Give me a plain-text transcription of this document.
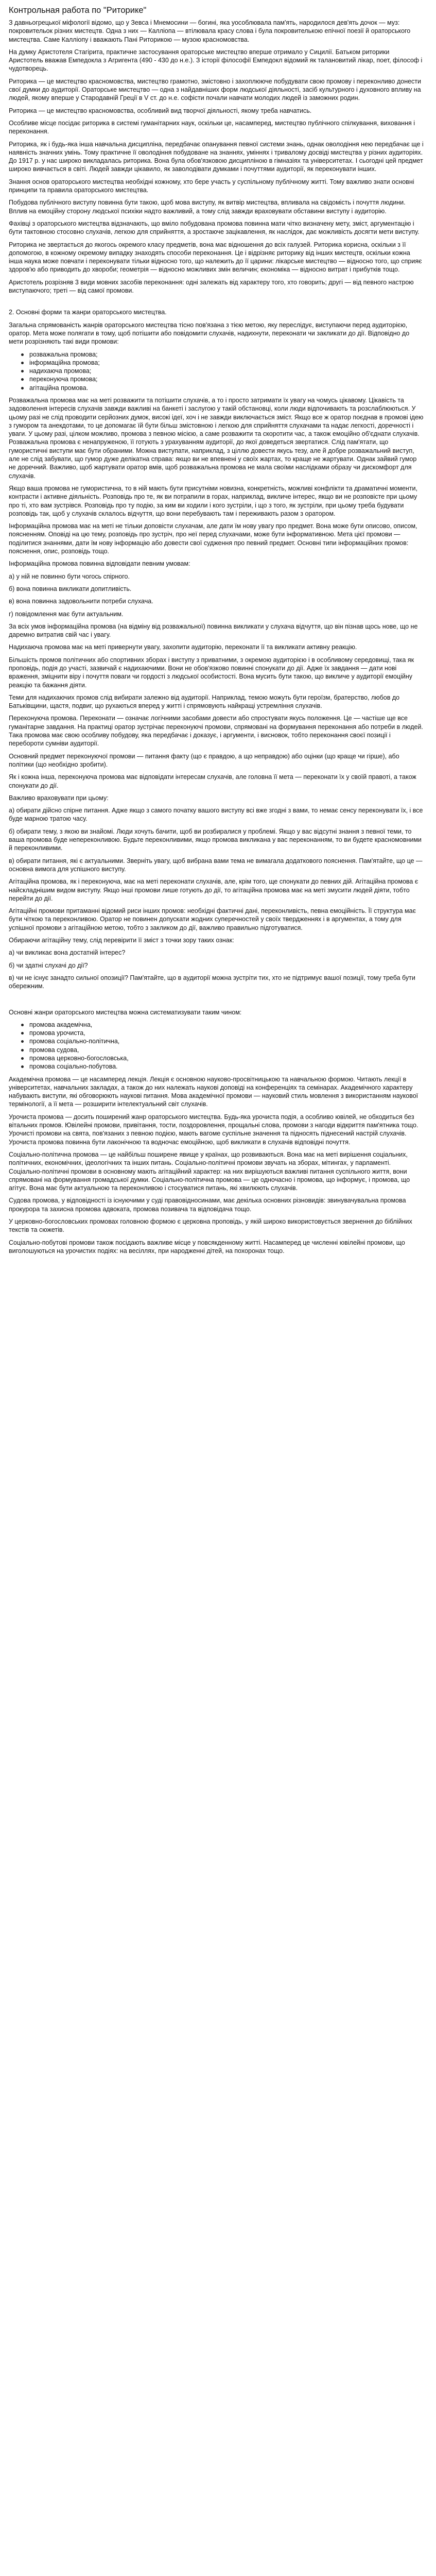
Контрольная работа по "Риторике"

З давньогрецької міфології відомо, що у Зевса і Мнемосини — богині, яка уособлювала пам'ять, народилося дев'ять дочок — муз: покровительок різних мистецтв. Одна з них — Калліопа — втілювала красу слова і була покровителькою епічної поезії й ораторського мистецтва. Саме Калліопу і вважають Пані Риторикою — музою красномовства.

На думку Аристотеля Стагірита, практичне застосування ораторське мистецтво вперше отримало у Сицилії. Батьком риторики Аристотель вважав Емпедокла з Агригента (490 - 430 до н.е.). З історії філософії Емпедокл відомий як талановитий лікар, поет, філософ і чудотворець.

Риторика — це мистецтво красномовства, мистецтво грамотно, змістовно і захоплююче побудувати свою промову і переконливо донести свої думки до аудиторії. Ораторське мистецтво — одна з найдавніших форм людської діяльності, засіб культурного і духовного впливу на людей, якому вперше у Стародавній Греції в V ст. до н.е. софісти почали навчати молодих людей із заможних родин.

Риторика — це мистецтво красномовства, особливий вид творчої діяльності, якому треба навчатись.

Особливе місце посідає риторика в системі гуманітарних наук, оскільки це, насамперед, мистецтво публічного спілкування, виховання і переконання.

Риторика, як і будь-яка інша навчальна дисципліна, передбачає опанування певної системи знань, однак оволодіння нею передбачає ще і наявність значних умінь. Тому практичне її оволодіння побудоване на знаннях, уміннях і тривалому досвіді мистецтва у різних аудиторіях. До 1917 р. у нас широко викладалась риторика. Вона була обов'язковою дисципліною в гімназіях та університетах. І сьогодні цей предмет широко вивчається в світі. Людей завжди цікавило, як заволодівати думками і почуттями аудиторії, як переконувати інших.

Знання основ ораторського мистецтва необхідні кожному, хто бере участь у суспільному публічному житті. Тому важливо знати основні принципи та правила ораторського мистецтва.

Побудова публічного виступу повинна бути такою, щоб мова виступу, як витвір мистецтва, впливала на свідомість і почуття людини. Вплив на емоційну сторону людської психіки надто важливий, а тому слід завжди враховувати обставини виступу і аудиторію.

Фахівці з ораторського мистецтва відзначають, що вміло побудована промова повинна мати чітко визначену мету, зміст, аргументацію і бути тактовною стосовно слухачів, легкою для сприйняття, а зростаюче зацікавлення, як наслідок, дає можливість досягти мети виступу.

Риторика не звертається до якогось окремого класу предметів, вона має відношення до всіх галузей. Риторика корисна, оскільки з її допомогою, в кожному окремому випадку знаходять способи переконання. Це і відрізняє риторику від інших мистецтв, оскільки кожна інша наука може повчати і переконувати тільки відносно того, що належить до її царини: лікарське мистецтво — відносно того, що сприяє здоров'ю або приводить до хвороби; геометрія — відносно можливих змін величин; економіка — відносно витрат і прибутків тощо.

Аристотель розрізняв 3 види мовних засобів переконання: одні залежать від характеру того, хто говорить; другі — від певного настрою виступаючого; треті — від самої промови.

2. Основні форми та жанри ораторського мистецтва.

Загальна спрямованість жанрів ораторського мистецтва тісно пов'язана з тією метою, яку переслідує, виступаючи перед аудиторією, оратор. Мета може полягати в тому, щоб потішити або повідомити слухачів, надихнути, переконати чи закликати до дії. Відповідно до мети розрізняють такі види промови:

розважальна промова;
інформаційна промова;
надихаюча промова;
переконуюча промова;
агітаційна промова.

Розважальна промова має на меті розважити та потішити слухачів, а то і просто затримати їх увагу на чомусь цікавому. Цікавість та задоволення інтересів слухачів завжди важливі на банкеті і заслугою у такій обстановці, коли люди відпочивають та розслаблюються. У цьому разі не слід проводити серйозних думок, високі ідеї, хоч і не завжди виключається зміст. Якщо все ж оратор поєднав в промові ідею з гумором та анекдотами, то це допомагає їй бути більш змістовною і легкою для сприйняття слухачами та надає легкості, доречності і уваги. У цьому разі, цілком можливо, промова з певною місією, а саме розважити та скоротити час, а також емоційно об'єднати слухачів. Розважальна промова є ненапруженою, її готують з урахуванням аудиторії, до якої доведеться звертатися. Слід пам'ятати, що гумористичні виступи має бути обраними. Можна виступати, наприклад, з ціллю довести якусь тезу, але й добре розважальний виступ, але не слід забувати, що гумор дуже делікатна справа: якщо ви не впевнені у своїх жартах, то краще не жартувати. Однак зайвий гумор не доречний. Важливо, щоб жартувати оратор вмів, щоб розважальна промова не мала своїми наслідками образу чи дискомфорт для слухачів.

Якщо ваша промова не гумористична, то в ній мають бути присутніми новизна, конкретність, можливі конфлікти та драматичні моменти, контрасти і активне діяльність. Розповідь про те, як ви потрапили в горах, наприклад, викличе інтерес, якщо ви не розповісте при цьому про ті, хто вам зустрівся. Розповідь про ту подію, за ким ви ходили і кого зустріли, і що з того, як зустріли, при цьому треба будувати розповідь так, щоб у слухачів склалось відчуття, що вони перебувають там і переживають разом з оратором.

Інформаційна промова має на меті не тільки доповісти слухачам, але дати їм нову увагу про предмет. Вона може бути описово, описом, поясненням. Оповіді на цю тему, розповідь про зустріч, про неї перед слухачами, може бути інформативною. Мета цієї промови — поділитися знаннями, дати їм нову інформацію або довести свої судження про певний предмет. Основні типи інформаційних промов: пояснення, опис, розповідь тощо.

Інформаційна промова повинна відповідати певним умовам:

а) у ній не повинно бути чогось спірного.

б) вона повинна викликати допитливість.

в) вона повинна задовольнити потреби слухача.

г) повідомлення має бути актуальним.

За всіх умов інформаційна промова (на відміну від розважальної) повинна викликати у слухача відчуття, що він пізнав щось нове, що не даремно витратив свій час і увагу.

Надихаюча промова має на меті привернути увагу, захопити аудиторію, переконати її та викликати активну реакцію.

Більшість промов політичних або спортивних зборах і виступу з приватними, з окремою аудиторією і в особливому середовищі, така як проповідь, подія до участі, зазвичай є надихаючими. Вони не обов'язково повинні спонукати до дії. Адже їх завдання — дати нові враження, зміцнити віру і почуття поваги чи гордості з людської особистості. Вона мусить бути такою, що викличе у аудиторії емоційну реакцію та бажання діяти.

Теми для надихаючих промов слід вибирати залежно від аудиторії. Наприклад, темою можуть бути героїзм, братерство, любов до Батьківщини, щастя, подвиг, що рухаються вперед у житті і спрямовують найкращі устремління слухачів.

Переконуюча промова. Переконати — означає логічними засобами довести або спростувати якусь положення. Це — частіше ще все гуманітарне завдання. На практиці оратор зустрічає переконуючі промови, спрямовані на формування переконання або потреби в людей. Така промова має свою особливу побудову, яка передбачає і доказує, і аргументи, і висновок, тобто переконання своєї позиції і перебороти сумніви аудиторії.

Основний предмет переконуючої промови — питання факту (що є правдою, а що неправдою) або оцінки (що краще чи гірше), або політики (що необхідно зробити).

Як і кожна інша, переконуюча промова має відповідати інтересам слухачів, але головна її мета — переконати їх у своїй правоті, а також спонукати до дії.

Важливо враховувати при цьому:

а) обирати дійсно спірне питання. Адже якщо з самого початку вашого виступу всі вже згодні з вами, то немає сенсу переконувати їх, і все буде марною тратою часу.

б) обирати тему, з якою ви знайомі. Люди хочуть бачити, щоб ви розбиралися у проблемі. Якщо у вас відсутні знання з певної теми, то ваша промова буде непереконливою. Будьте переконливими, якщо промова викликана у вас переконанням, то ви будете красномовними й переконливими.

в) обирати питання, які є актуальними. Зверніть увагу, щоб вибрана вами тема не вимагала додаткового пояснення. Пам'ятайте, що це — основна вимога для успішного виступу.

Агітаційна промова, як і переконуюча, має на меті переконати слухачів, але, крім того, ще спонукати до певних дій. Агітаційна промова є найскладнішим видом виступу. Якщо інші промови лише готують до дії, то агітаційна промова має на меті змусити людей діяти, тобто перейти до дії.

Агітаційні промови притаманні відомий риси інших промов: необхідні фактичні дані, переконливість, певна емоційність. Її структура має бути чіткою та переконливою. Оратор не повинен допускати жодних суперечностей у своїх твердженнях і в аргументах, а тому для успішної промови з агітаційною метою, тобто з закликом до дії, важливо правильно підготуватися.

Обираючи агітаційну тему, слід перевірити її зміст з точки зору таких ознак:

а) чи викликає вона достатній інтерес?

б) чи здатні слухачі до дії?

в) чи не існує занадто сильної опозиції? Пам'ятайте, що в аудиторії можна зустріти тих, хто не підтримує вашої позиції, тому треба бути обережним.

Основні жанри ораторського мистецтва можна систематизувати таким чином:

промова академічна,
промова урочиста,
промова соціально-політична,
промова судова,
промова церковно-богословська,
промова соціально-побутова.

Академічна промова — це насамперед лекція. Лекція є основною науково-просвітницькою та навчальною формою. Читають лекції в університетах, навчальних закладах, а також до них належать наукові доповіді на конференціях та семінарах. Академічного характеру набувають виступи, які обговорюють наукові питання. Мова академічної промови — науковий стиль мовлення з використанням наукової термінології, а її мета — розширити інтелектуальний світ слухачів.

Урочиста промова — досить поширений жанр ораторського мистецтва. Будь-яка урочиста подія, а особливо ювілей, не обходиться без вітальних промов. Ювілейні промови, привітання, тости, поздоровлення, прощальні слова, промови з нагоди відкриття пам'ятника тощо. Урочисті промови на свята, пов'язаних з певною подією, мають вагоме суспільне значення та підносять піднесений настрій слухачів. Урочиста промова повинна бути лаконічною та водночас емоційною, щоб викликати в слухачів відповідні почуття.

Соціально-політична промова — це найбільш поширене явище у країнах, що розвиваються. Вона має на меті вирішення соціальних, політичних, економічних, ідеологічних та інших питань. Соціально-політичні промови звучать на зборах, мітингах, у парламенті. Соціально-політичні промови в основному мають агітаційний характер: на них вирішуються важливі питання суспільного життя, вони спрямовані на формування громадської думки. Соціально-політична промова — це одночасно і промова, що інформує, і промова, що агітує. Вона має бути актуальною та переконливою і стосуватися питань, які хвилюють слухачів.

Судова промова, у відповідності із існуючими у суді правовідносинами, має декілька основних різновидів: звинувачувальна промова прокурора та захисна промова адвоката, промова позивача та відповідача тощо.

У церковно-богословських промовах головною формою є церковна проповідь, у якій широко використовується звернення до біблійних текстів та сюжетів.

Соціально-побутові промови також посідають важливе місце у повсякденному житті. Насамперед це численні ювілейні промови, що виголошуються на урочистих подіях: на весіллях, при народженні дітей, на похоронах тощо.
